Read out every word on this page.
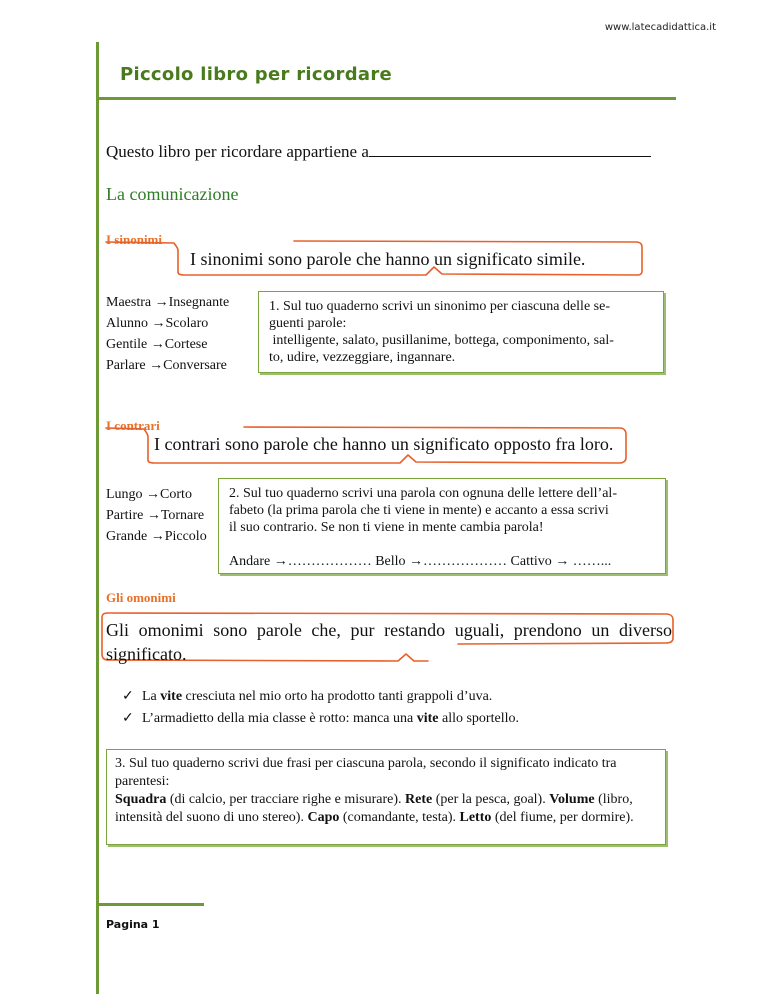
www.latecadidattica.it
Piccolo libro per ricordare
Questo libro per ricordare appartiene a
La comunicazione
I sinonimi
I sinonimi sono parole che hanno un significato simile.
Maestra →Insegnante
Alunno →Scolaro
Gentile →Cortese
Parlare →Conversare
1. Sul tuo quaderno scrivi un sinonimo per ciascuna delle se-
guenti parole:
intelligente, salato, pusillanime, bottega, componimento, sal-
to, udire, vezzeggiare, ingannare.
I contrari
I contrari sono parole che hanno un significato opposto fra loro.
Lungo →Corto
Partire →Tornare
Grande →Piccolo
2. Sul tuo quaderno scrivi una parola con ognuna delle lettere dell’al-
fabeto (la prima parola che ti viene in mente) e accanto a essa scrivi
il suo contrario. Se non ti viene in mente cambia parola!
Andare →……………… Bello →……………… Cattivo → ……...
Gli omonimi
Gli omonimi sono parole che, pur restando uguali, prendono un diverso
significato.
✓ La vite cresciuta nel mio orto ha prodotto tanti grappoli d’uva.
✓ L’armadietto della mia classe è rotto: manca una vite allo sportello.
3. Sul tuo quaderno scrivi due frasi per ciascuna parola, secondo il significato indicato tra parentesi:
Squadra (di calcio, per tracciare righe e misurare). Rete (per la pesca, goal). Volume (libro, intensità del suono di uno stereo). Capo (comandante, testa). Letto (del fiume, per dormire).
Pagina 1
